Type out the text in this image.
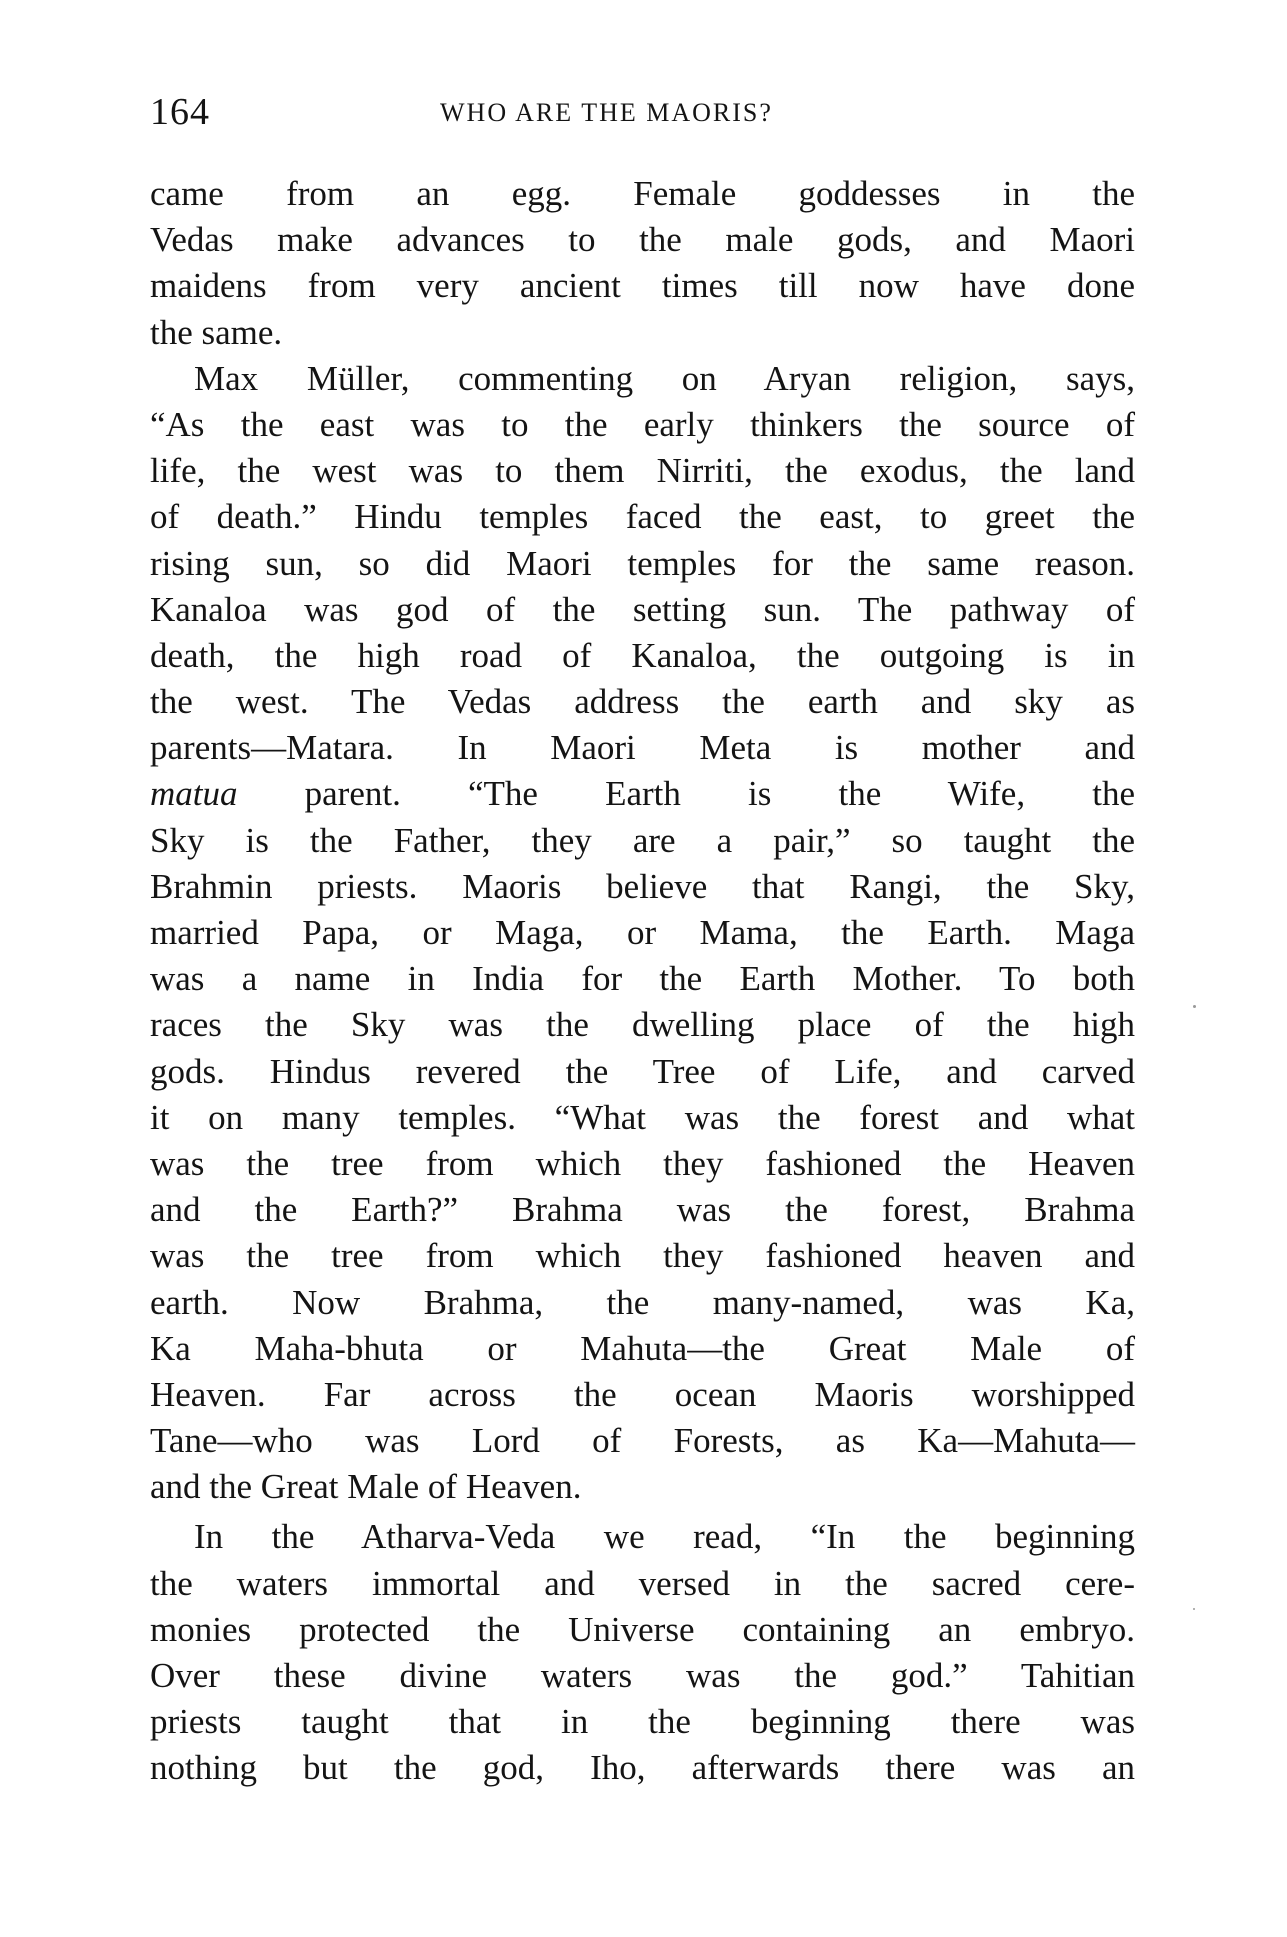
164	WHO ARE THE MAORIS?
came from an egg. Female goddesses in the
Vedas make advances to the male gods, and Maori
maidens from very ancient times till now have done
the same.
Max Müller, commenting on Aryan religion, says,
“As the east was to the early thinkers the source of
life, the west was to them Nirriti, the exodus, the land
of death.” Hindu temples faced the east, to greet the
rising sun, so did Maori temples for the same reason.
Kanaloa was god of the setting sun. The pathway of
death, the high road of Kanaloa, the outgoing is in
the west. The Vedas address the earth and sky as
parents—Matara. In Maori Meta is mother and
matua parent. “The Earth is the Wife, the
Sky is the Father, they are a pair,” so taught the
Brahmin priests. Maoris believe that Rangi, the Sky,
married Papa, or Maga, or Mama, the Earth. Maga
was a name in India for the Earth Mother. To both
races the Sky was the dwelling place of the high
gods. Hindus revered the Tree of Life, and carved
it on many temples. “What was the forest and what
was the tree from which they fashioned the Heaven
and the Earth?” Brahma was the forest, Brahma
was the tree from which they fashioned heaven and
earth. Now Brahma, the many-named, was Ka,
Ka Maha-bhuta or Mahuta—the Great Male of
Heaven. Far across the ocean Maoris worshipped
Tane—who was Lord of Forests, as Ka—Mahuta—
and the Great Male of Heaven.
In the Atharva-Veda we read, “In the beginning
the waters immortal and versed in the sacred cere-
monies protected the Universe containing an embryo.
Over these divine waters was the god.” Tahitian
priests taught that in the beginning there was
nothing but the god, Iho, afterwards there was an
